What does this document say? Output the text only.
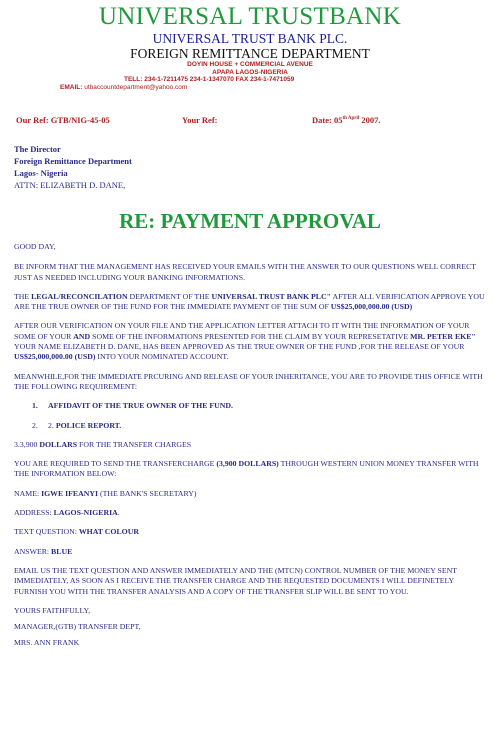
UNIVERSAL TRUSTBANK
UNIVERSAL TRUST BANK PLC.
FOREIGN REMITTANCE DEPARTMENT
DOYIN HOUSE + COMMERCIAL AVENUE
APAPA LAGOS-NIGERIA
TELL: 234-1-7211475 234-1-1347070 FAX 234-1-7471059
EMAIL: utbaccountdepartment@yahoo.com
Our Ref: GTB/NIG-45-05	Your Ref:	Date: $05^{th April}$ 2007.
The Director
Foreign Remittance Department
Lagos- Nigeria
ATTN: ELIZABETH D. DANE,
RE: PAYMENT APPROVAL
GOOD DAY,
BE INFORM THAT THE MANAGEMENT HAS RECEIVED YOUR EMAILS WITH THE ANSWER TO OUR QUESTIONS WELL CORRECT JUST AS NEEDED INCLUDING YOUR BANKING INFORMATIONS.
THE LEGAL/RECONCILATION DEPARTMENT OF THE UNIVERSAL TRUST BANK PLC" AFTER ALL VERIFICATION APPROVE YOU ARE THE TRUE OWNER OF THE FUND FOR THE IMMEDIATE PAYMENT OF THE SUM OF US$25,000,000.00 (USD)
AFTER OUR VERIFICATION ON YOUR FILE AND THE APPLICATION LETTER ATTACH TO IT WITH THE INFORMATION OF YOUR SOME OF YOUR AND SOME OF THE INFORMATIONS PRESENTED FOR THE CLAIM BY YOUR REPRESETATIVE MR. PETER EKE" YOUR NAME ELIZABETH D. DANE, HAS BEEN APPROVED AS THE TRUE OWNER OF THE FUND ,FOR THE RELEASE OF YOUR US$25,000,000.00 (USD) INTO YOUR NOMINATED ACCOUNT.
MEANWHILE,FOR THE IMMEDIATE PRCURING AND RELEASE OF YOUR INHERITANCE, YOU ARE TO PROVIDE THIS OFFICE WITH THE FOLLOWING REQUIREMENT:
1. AFFIDAVIT OF THE TRUE OWNER OF THE FUND.
2. 2. POLICE REPORT.
3.3,900 DOLLARS FOR THE TRANSFER CHARGES
YOU ARE REQUIRED TO SEND THE TRANSFERCHARGE (3,900 DOLLARS) THROUGH WESTERN UNION MONEY TRANSFER WITH THE INFORMATION BELOW:
NAME: IGWE IFEANYI (THE BANK'S SECRETARY)
ADDRESS: LAGOS-NIGERIA.
TEXT QUESTION: WHAT COLOUR
ANSWER: BLUE
EMAIL US THE TEXT QUESTION AND ANSWER IMMEDIATELY AND THE (MTCN) CONTROL NUMBER OF THE MONEY SENT IMMEDIATELY, AS SOON AS I RECEIVE THE TRANSFER CHARGE AND THE REQUESTED DOCUMENTS I WILL DEFINETELY FURNISH YOU WITH THE TRANSFER ANALYSIS AND A COPY OF THE TRANSFER SLIP WILL BE SENT TO YOU.
YOURS FAITHFULLY,
MANAGER,(GTB) TRANSFER DEPT,
MRS. ANN FRANK
